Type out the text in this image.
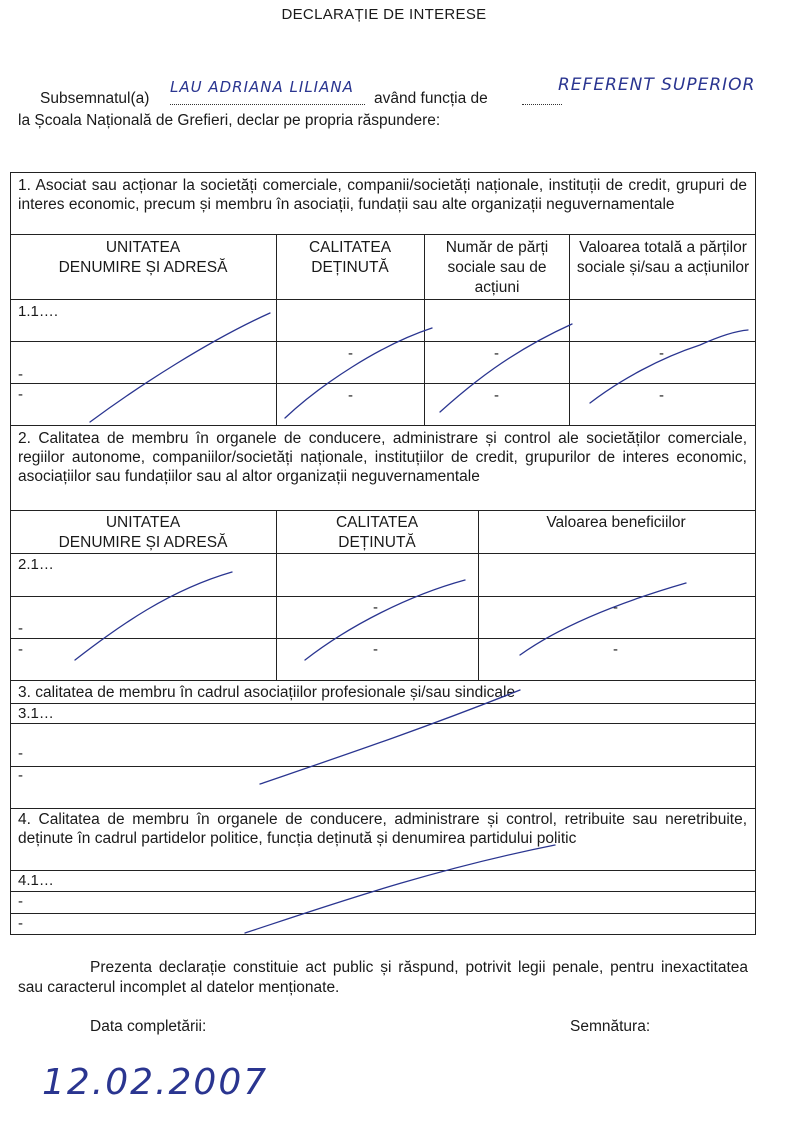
DECLARAȚIE DE INTERESE
Subsemnatul(a)
LAU ADRIANA LILIANA
având funcția de
REFERENT SUPERIOR
la Școala Națională de Grefieri, declar pe propria răspundere:
1. Asociat sau acționar la societăți comerciale, companii/societăți naționale, instituții de credit, grupuri de interes economic, precum și membru în asociații, fundații sau alte organizații neguvernamentale
UNITATEA
DENUMIRE ȘI ADRESĂ
CALITATEA
DEȚINUTĂ
Număr de părți sociale sau de acțiuni
Valoarea totală a părților sociale și/sau a acțiunilor
1.1….
-
-
-
-
-
-
-
-
2. Calitatea de membru în organele de conducere, administrare și control ale societăților comerciale, regiilor autonome, companiilor/societăți naționale, instituțiilor de credit, grupurilor de interes economic, asociațiilor sau fundațiilor sau al altor organizații neguvernamentale
UNITATEA
DENUMIRE ȘI ADRESĂ
CALITATEA
DEȚINUTĂ
Valoarea beneficiilor
2.1…
-
-
-
-
-
-
3. calitatea de membru în cadrul asociațiilor profesionale și/sau sindicale
3.1…
-
-
4. Calitatea de membru în organele de conducere, administrare și control, retribuite sau neretribuite, deținute în cadrul partidelor politice, funcția deținută și denumirea partidului politic
4.1…
-
-
Prezenta declarație constituie act public și răspund, potrivit legii penale, pentru inexactitatea sau caracterul incomplet al datelor menționate.
Data completării:	Semnătura:
12.02.2007
